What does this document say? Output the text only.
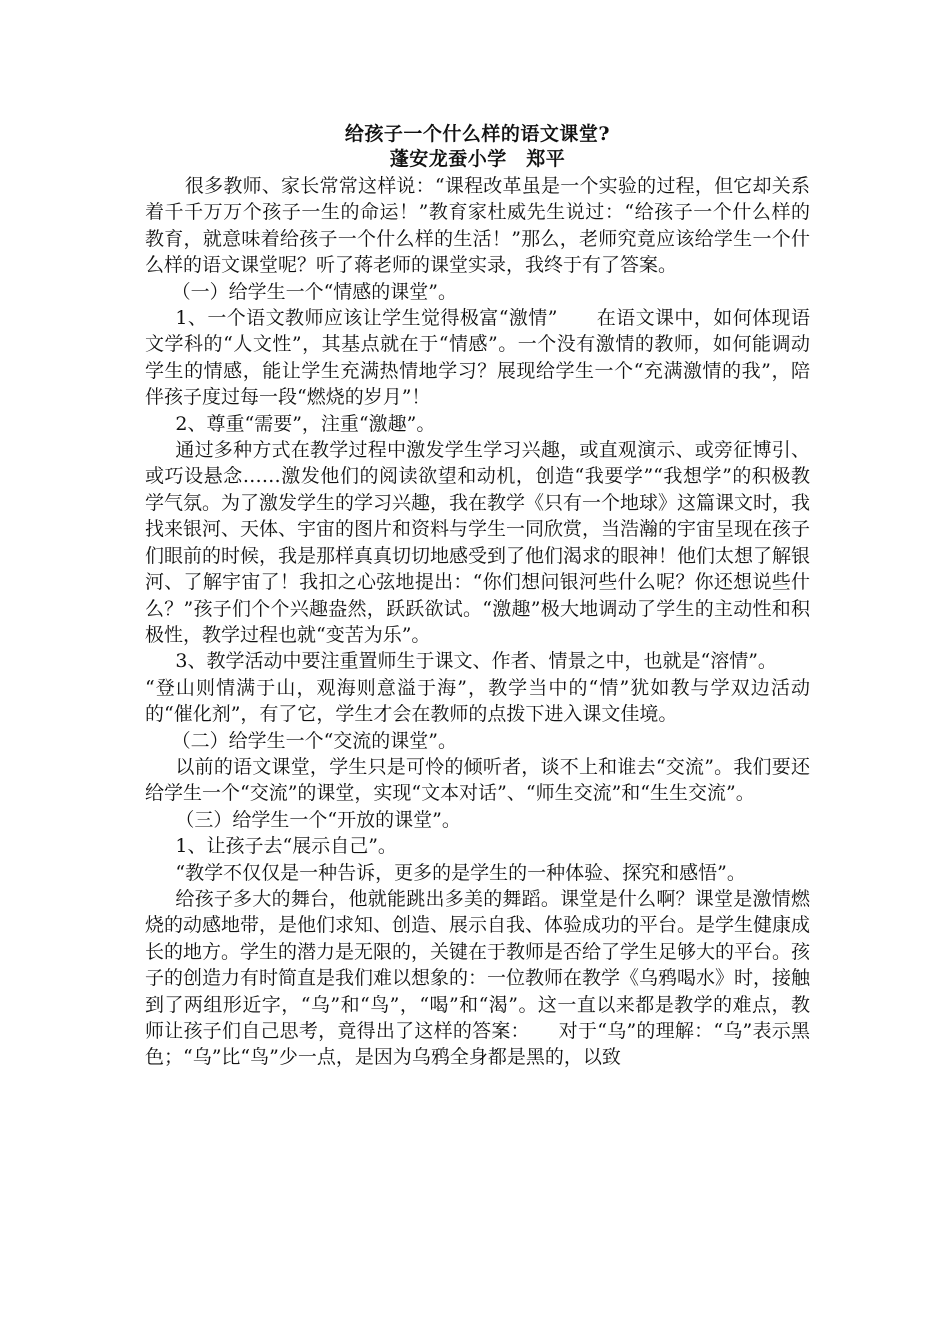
给孩子一个什么样的语文课堂?
蓬安龙蚕小学　郑平

很多教师、家长常常这样说：“课程改革虽是一个实验的过程，但它却关系着千千万万个孩子一生的命运！”教育家杜威先生说过：“给孩子一个什么样的教育，就意味着给孩子一个什么样的生活！”那么，老师究竟应该给学生一个什么样的语文课堂呢？听了蒋老师的课堂实录，我终于有了答案。

（一）给学生一个“情感的课堂”。

1、一个语文教师应该让学生觉得极富“激情”　　在语文课中，如何体现语文学科的“人文性”，其基点就在于“情感”。一个没有激情的教师，如何能调动学生的情感，能让学生充满热情地学习？展现给学生一个“充满激情的我”，陪伴孩子度过每一段“燃烧的岁月”！

2、尊重“需要”，注重“激趣”。

通过多种方式在教学过程中激发学生学习兴趣，或直观演示、或旁征博引、或巧设悬念……激发他们的阅读欲望和动机，创造“我要学”“我想学”的积极教学气氛。为了激发学生的学习兴趣，我在教学《只有一个地球》这篇课文时，我找来银河、天体、宇宙的图片和资料与学生一同欣赏，当浩瀚的宇宙呈现在孩子们眼前的时候，我是那样真真切切地感受到了他们渴求的眼神！他们太想了解银河、了解宇宙了！我扣之心弦地提出：“你们想问银河些什么呢？你还想说些什么？”孩子们个个兴趣盎然，跃跃欲试。“激趣”极大地调动了学生的主动性和积极性，教学过程也就“变苦为乐”。

3、教学活动中要注重置师生于课文、作者、情景之中，也就是“溶情”。

“登山则情满于山，观海则意溢于海”，教学当中的“情”犹如教与学双边活动的“催化剂”，有了它，学生才会在教师的点拨下进入课文佳境。

（二）给学生一个“交流的课堂”。

以前的语文课堂，学生只是可怜的倾听者，谈不上和谁去“交流”。我们要还给学生一个“交流”的课堂，实现“文本对话”、“师生交流”和“生生交流”。

（三）给学生一个“开放的课堂”。

1、让孩子去“展示自己”。

“教学不仅仅是一种告诉，更多的是学生的一种体验、探究和感悟”。

给孩子多大的舞台，他就能跳出多美的舞蹈。课堂是什么啊？课堂是激情燃烧的动感地带，是他们求知、创造、展示自我、体验成功的平台。是学生健康成长的地方。学生的潜力是无限的，关键在于教师是否给了学生足够大的平台。孩子的创造力有时简直是我们难以想象的：一位教师在教学《乌鸦喝水》时，接触到了两组形近字，“乌”和“鸟”，“喝”和“渴”。这一直以来都是教学的难点，教师让孩子们自己思考，竟得出了这样的答案：　　对于“乌”的理解：“乌”表示黑色；“乌”比“鸟”少一点，是因为乌鸦全身都是黑的，以致
